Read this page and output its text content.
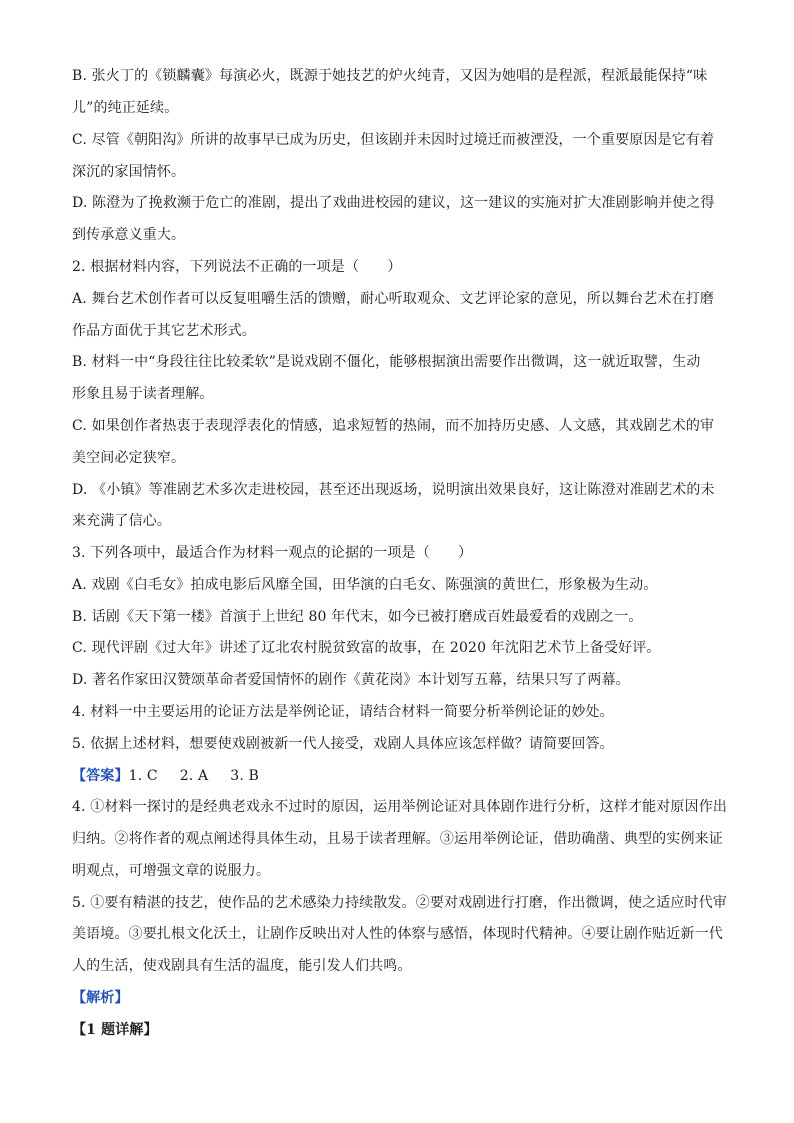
B. 张火丁的《锁麟囊》每演必火，既源于她技艺的炉火纯青，又因为她唱的是程派，程派最能保持“味
儿”的纯正延续。
C. 尽管《朝阳沟》所讲的故事早已成为历史，但该剧并未因时过境迁而被湮没，一个重要原因是它有着
深沉的家国情怀。
D. 陈澄为了挽救濒于危亡的准剧，提出了戏曲进校园的建议，这一建议的实施对扩大准剧影响并使之得
到传承意义重大。
2. 根据材料内容，下列说法不正确的一项是（　　）
A. 舞台艺术创作者可以反复咀嚼生活的馈赠，耐心听取观众、文艺评论家的意见，所以舞台艺术在打磨
作品方面优于其它艺术形式。
B. 材料一中“身段往往比较柔软”是说戏剧不僵化，能够根据演出需要作出微调，这一就近取譬，生动
形象且易于读者理解。
C. 如果创作者热衷于表现浮表化的情感，追求短暂的热闹，而不加持历史感、人文感，其戏剧艺术的审
美空间必定狭窄。
D. 《小镇》等准剧艺术多次走进校园，甚至还出现返场，说明演出效果良好，这让陈澄对准剧艺术的未
来充满了信心。
3. 下列各项中，最适合作为材料一观点的论据的一项是（　　）
A. 戏剧《白毛女》拍成电影后风靡全国，田华演的白毛女、陈强演的黄世仁，形象极为生动。
B. 话剧《天下第一楼》首演于上世纪 80 年代末，如今已被打磨成百姓最爱看的戏剧之一。
C. 现代评剧《过大年》讲述了辽北农村脱贫致富的故事，在 2020 年沈阳艺术节上备受好评。
D. 著名作家田汉赞颂革命者爱国情怀的剧作《黄花岗》本计划写五幕，结果只写了两幕。
4. 材料一中主要运用的论证方法是举例论证，请结合材料一简要分析举例论证的妙处。
5. 依据上述材料，想要使戏剧被新一代人接受，戏剧人具体应该怎样做？请简要回答。
【答案】1. C 2. A 3. B
4. ①材料一探讨的是经典老戏永不过时的原因，运用举例论证对具体剧作进行分析，这样才能对原因作出
归纳。②将作者的观点阐述得具体生动，且易于读者理解。③运用举例论证，借助确凿、典型的实例来证
明观点，可增强文章的说服力。
5. ①要有精湛的技艺，使作品的艺术感染力持续散发。②要对戏剧进行打磨，作出微调，使之适应时代审
美语境。③要扎根文化沃土，让剧作反映出对人性的体察与感悟，体现时代精神。④要让剧作贴近新一代
人的生活，使戏剧具有生活的温度，能引发人们共鸣。
【解析】
【1 题详解】
